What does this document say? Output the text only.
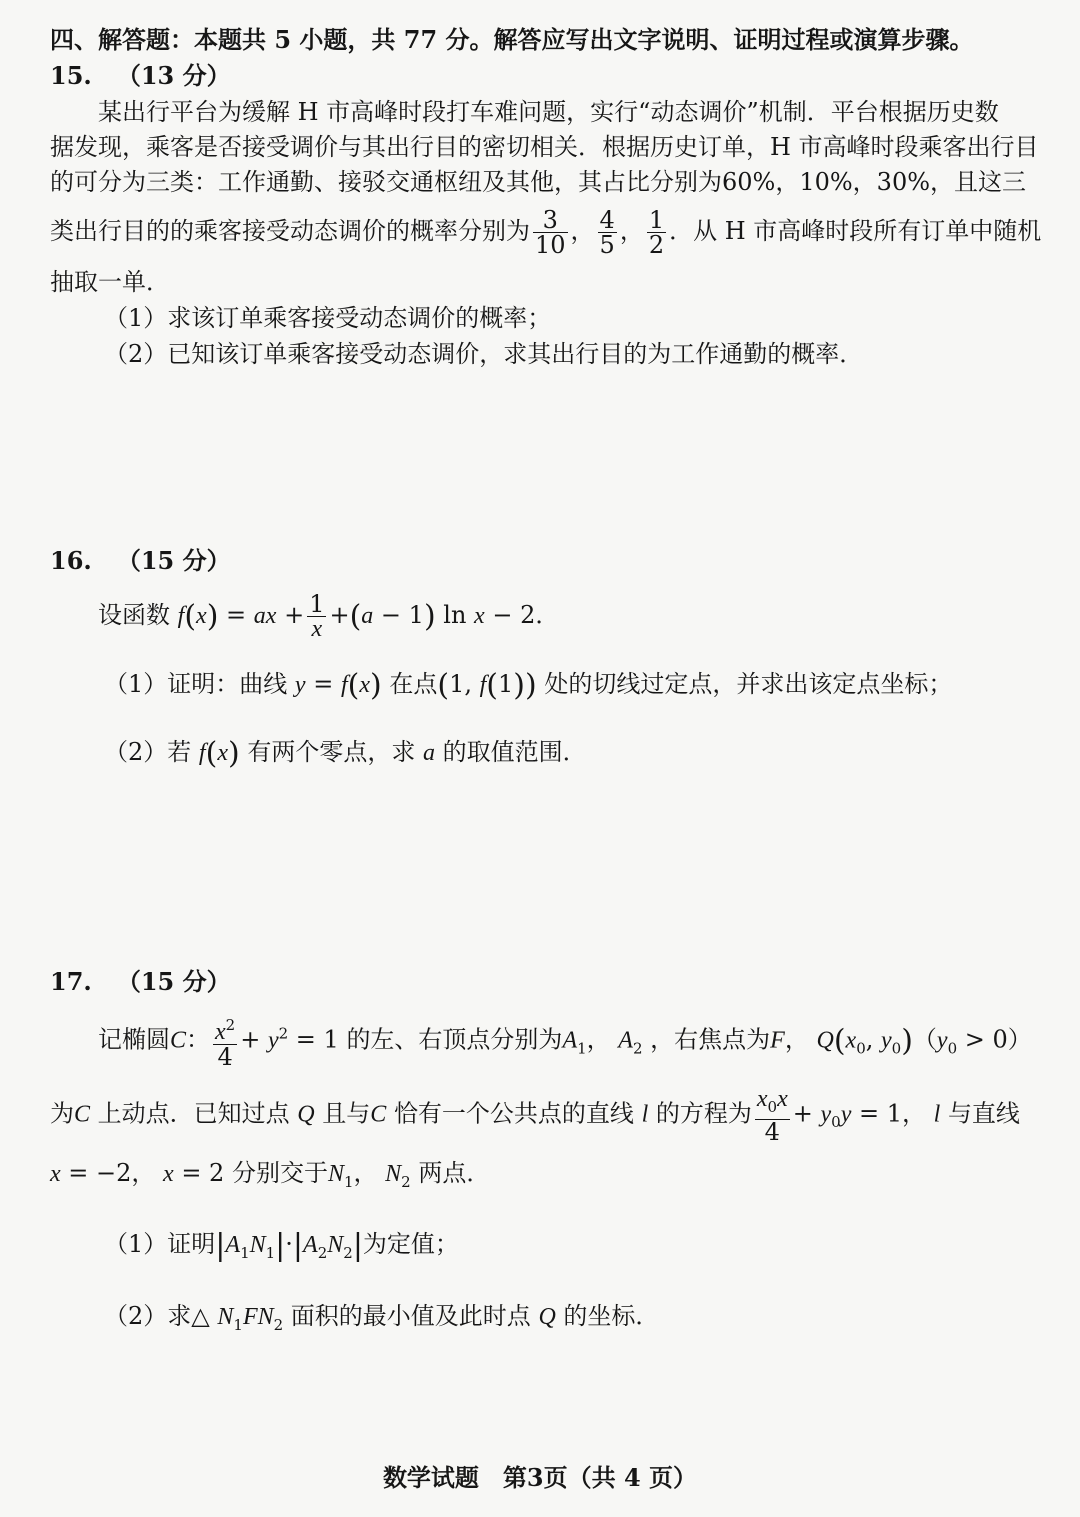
四、解答题：本题共 5 小题，共 77 分。解答应写出文字说明、证明过程或演算步骤。
15. （13 分）
某出行平台为缓解 H 市高峰时段打车难问题，实行“动态调价”机制．平台根据历史数
据发现，乘客是否接受调价与其出行目的密切相关．根据历史订单，H 市高峰时段乘客出行目
的可分为三类：工作通勤、接驳交通枢纽及其他，其占比分别为60%，10%，30%，且这三
类出行目的的乘客接受动态调价的概率分别为 $\frac{3}{10}$ ， $\frac{4}{5}$ ， $\frac{1}{2}$ ．从 H 市高峰时段所有订单中随机
抽取一单．
（1）求该订单乘客接受动态调价的概率；
（2）已知该订单乘客接受动态调价，求其出行目的为工作通勤的概率．
16. （15 分）
设函数 f(x) = ax + $\frac{1}{x} +(a - 1)$ ln x − 2．
（1）证明：曲线 y = f(x) 在点(1, f(1)) 处的切线过定点，并求出该定点坐标；
（2）若 f(x) 有两个零点，求 a 的取值范围．
17. （15 分）
记椭圆C： $\frac{x^2}{4} + y^2 = 1$ 的左、右顶点分别为$A_1$， $A_2$ ，右焦点为F， $Q(x_0$, $y_0)(y_0 > 0)$
为C 上动点．已知过点 Q 且与C 恰有一个公共点的直线 l 的方程为 $\frac{x_0x}{4} + y_0y = 1$， l 与直线
x = −2， x = 2 分别交于$N_1$， $N_2$ 两点．
（1）证明$|A_1N_1|\cdot|A_2N_2|$为定值；
（2）求△ $N_1FN_2$ 面积的最小值及此时点 Q 的坐标．
数学试题　第3页（共 4 页）
